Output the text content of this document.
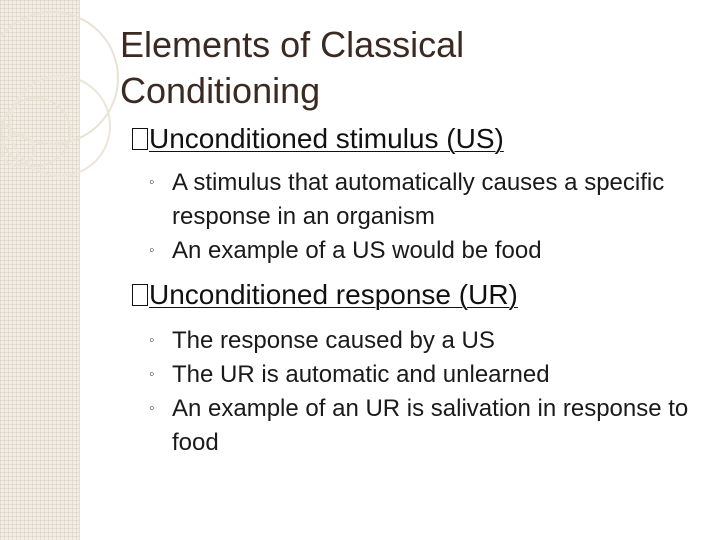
Elements of Classical
Conditioning
Unconditioned stimulus (US)
◦ A stimulus that automatically causes a specific response in an organism
◦ An example of a US would be food
Unconditioned response (UR)
◦ The response caused by a US
◦ The UR is automatic and unlearned
◦ An example of an UR is salivation in response to food
